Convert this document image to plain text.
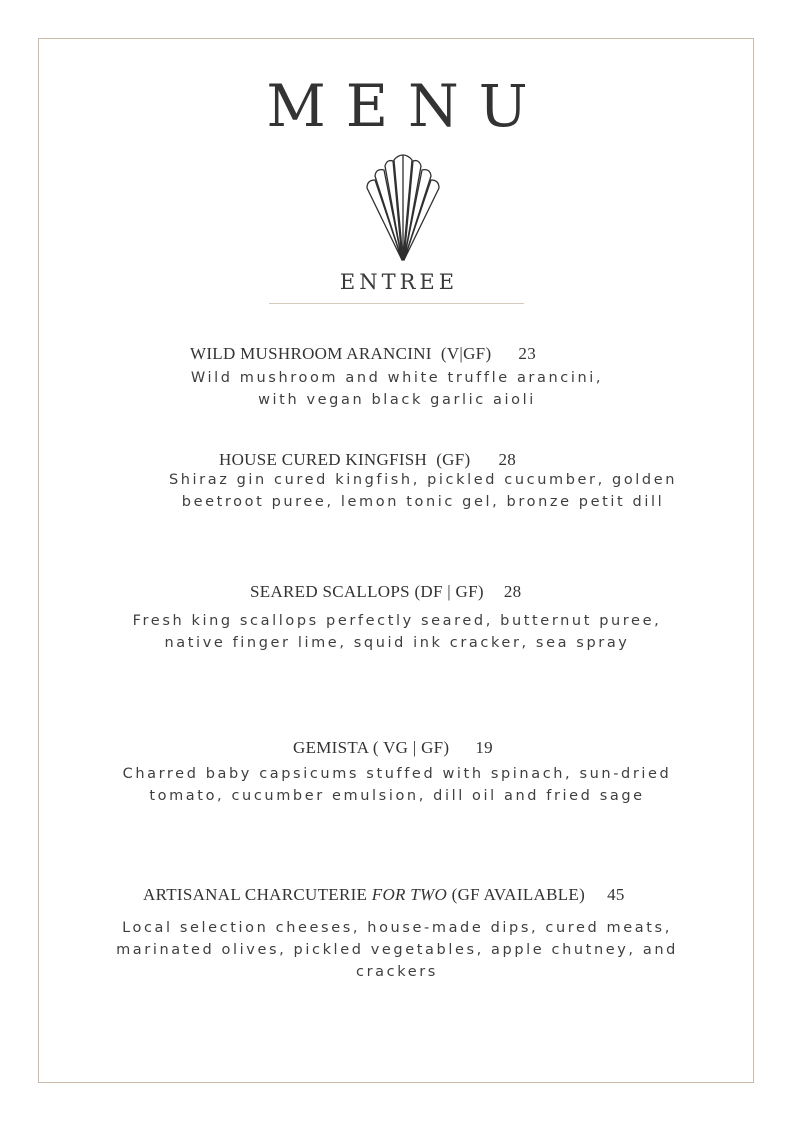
MENU
ENTREE
WILD MUSHROOM ARANCINI  (V|GF) 23
Wild mushroom and white truffle arancini,
with vegan black garlic aioli
HOUSE CURED KINGFISH  (GF) 28
Shiraz gin cured kingfish, pickled cucumber, golden
beetroot puree, lemon tonic gel, bronze petit dill
SEARED SCALLOPS (DF | GF) 28
Fresh king scallops perfectly seared, butternut puree,
native finger lime, squid ink cracker, sea spray
GEMISTA ( VG | GF) 19
Charred baby capsicums stuffed with spinach, sun-dried
tomato, cucumber emulsion, dill oil and fried sage
ARTISANAL CHARCUTERIE FOR TWO (GF AVAILABLE) 45
Local selection cheeses, house-made dips, cured meats,
marinated olives, pickled vegetables, apple chutney, and
crackers
